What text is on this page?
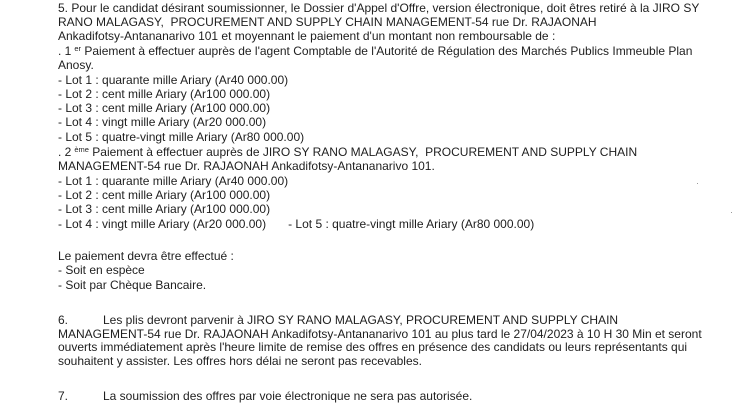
5. Pour le candidat désirant soumissionner, le Dossier d'Appel d'Offre, version électronique, doit êtres retiré à la JIRO SY
RANO MALAGASY,  PROCUREMENT AND SUPPLY CHAIN MANAGEMENT-54 rue Dr. RAJAONAH
Ankadifotsy-Antananarivo 101 et moyennant le paiement d'un montant non remboursable de :
. 1 $^{er}$ Paiement à effectuer auprès de l'agent Comptable de l'Autorité de Régulation des Marchés Publics Immeuble Plan
Anosy.
- Lot 1 : quarante mille Ariary (Ar40 000.00)
- Lot 2 : cent mille Ariary (Ar100 000.00)
- Lot 3 : cent mille Ariary (Ar100 000.00)
- Lot 4 : vingt mille Ariary (Ar20 000.00)
- Lot 5 : quatre-vingt mille Ariary (Ar80 000.00)
. 2 $^{ème}$ Paiement à effectuer auprès de JIRO SY RANO MALAGASY,  PROCUREMENT AND SUPPLY CHAIN
MANAGEMENT-54 rue Dr. RAJAONAH Ankadifotsy-Antananarivo 101.
- Lot 1 : quarante mille Ariary (Ar40 000.00)
- Lot 2 : cent mille Ariary (Ar100 000.00)
- Lot 3 : cent mille Ariary (Ar100 000.00)
- Lot 4 : vingt mille Ariary (Ar20 000.00) - Lot 5 : quatre-vingt mille Ariary (Ar80 000.00)
Le paiement devra être effectué :
- Soit en espèce
- Soit par Chèque Bancaire.
6.	Les plis devront parvenir à JIRO SY RANO MALAGASY, PROCUREMENT AND SUPPLY CHAIN
MANAGEMENT-54 rue Dr. RAJAONAH Ankadifotsy-Antananarivo 101 au plus tard le 27/04/2023 à 10 H 30 Min et seront
ouverts immédiatement après l'heure limite de remise des offres en présence des candidats ou leurs représentants qui
souhaitent y assister. Les offres hors délai ne seront pas recevables.
7.	La soumission des offres par voie électronique ne sera pas autorisée.
